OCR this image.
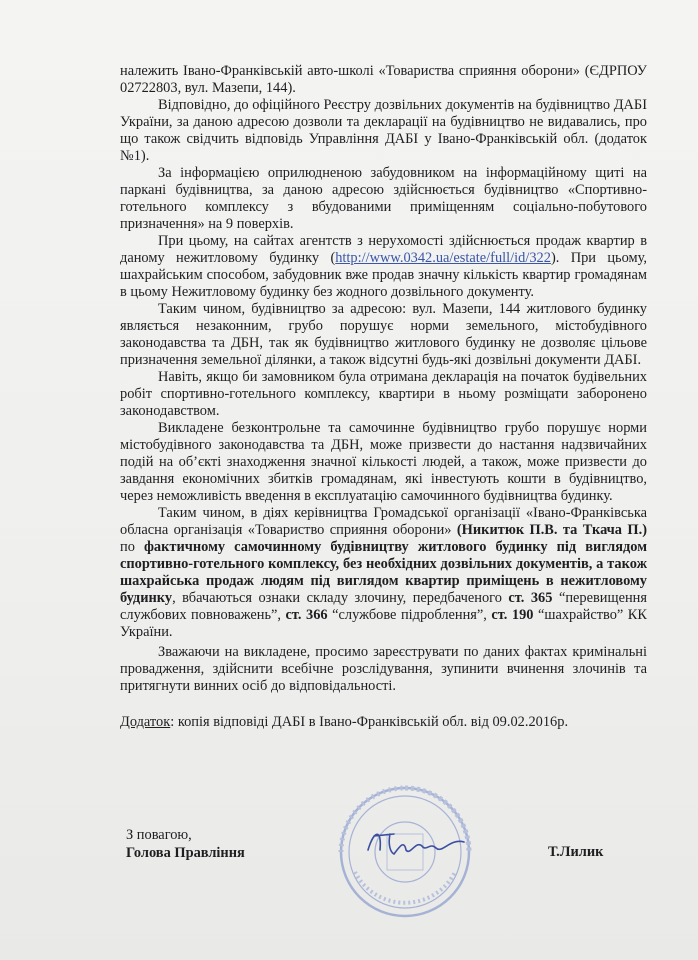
належить Івано-Франківській авто-школі «Товариства сприяння оборони» (ЄДРПОУ 02722803, вул. Мазепи, 144).

Відповідно, до офіційного Реєстру дозвільних документів на будівництво ДАБІ України, за даною адресою дозволи та декларації на будівництво не видавались, про що також свідчить відповідь Управління ДАБІ у Івано-Франківській обл. (додаток №1).

За інформацією оприлюдненою забудовником на інформаційному щиті на паркані будівництва, за даною адресою здійснюється будівництво «Спортивно-готельного комплексу з вбудованими приміщенням соціально-побутового призначення» на 9 поверхів.

При цьому, на сайтах агентств з нерухомості здійснюється продаж квартир в даному нежитловому будинку (http://www.0342.ua/estate/full/id/322). При цьому, шахрайським способом, забудовник вже продав значну кількість квартир громадянам в цьому Нежитловому будинку без жодного дозвільного документу.

Таким чином, будівництво за адресою: вул. Мазепи, 144 житлового будинку являється незаконним, грубо порушує норми земельного, містобудівного законодавства та ДБН, так як будівництво житлового будинку не дозволяє цільове призначення земельної ділянки, а також відсутні будь-які дозвільні документи ДАБІ.

Навіть, якщо би замовником була отримана декларація на початок будівельних робіт спортивно-готельного комплексу, квартири в ньому розміщати заборонено законодавством.

Викладене безконтрольне та самочинне будівництво грубо порушує норми містобудівного законодавства та ДБН, може призвести до настання надзвичайних подій на об’єкті знаходження значної кількості людей, а також, може призвести до завдання економічних збитків громадянам, які інвестують кошти в будівництво, через неможливість введення в експлуатацію самочинного будівництва будинку.

Таким чином, в діях керівництва Громадської організації «Івано-Франківська обласна організація «Товариство сприяння оборони» (Никитюк П.В. та Ткача П.) по фактичному самочинному будівництву житлового будинку під виглядом спортивно-готельного комплексу, без необхідних дозвільних документів, а також шахрайська продаж людям під виглядом квартир приміщень в нежитловому будинку, вбачаються ознаки складу злочину, передбаченого ст. 365 “перевищення службових повноважень”, ст. 366 “службове підроблення”, ст. 190 “шахрайство” КК України.

Зважаючи на викладене, просимо зареєструвати по даних фактах кримінальні провадження, здійснити всебічне розслідування, зупинити вчинення злочинів та притягнути винних осіб до відповідальності.

Додаток: копія відповіді ДАБІ в Івано-Франківській обл. від 09.02.2016р.

З повагою,
Голова Правління	Т.Лилик
